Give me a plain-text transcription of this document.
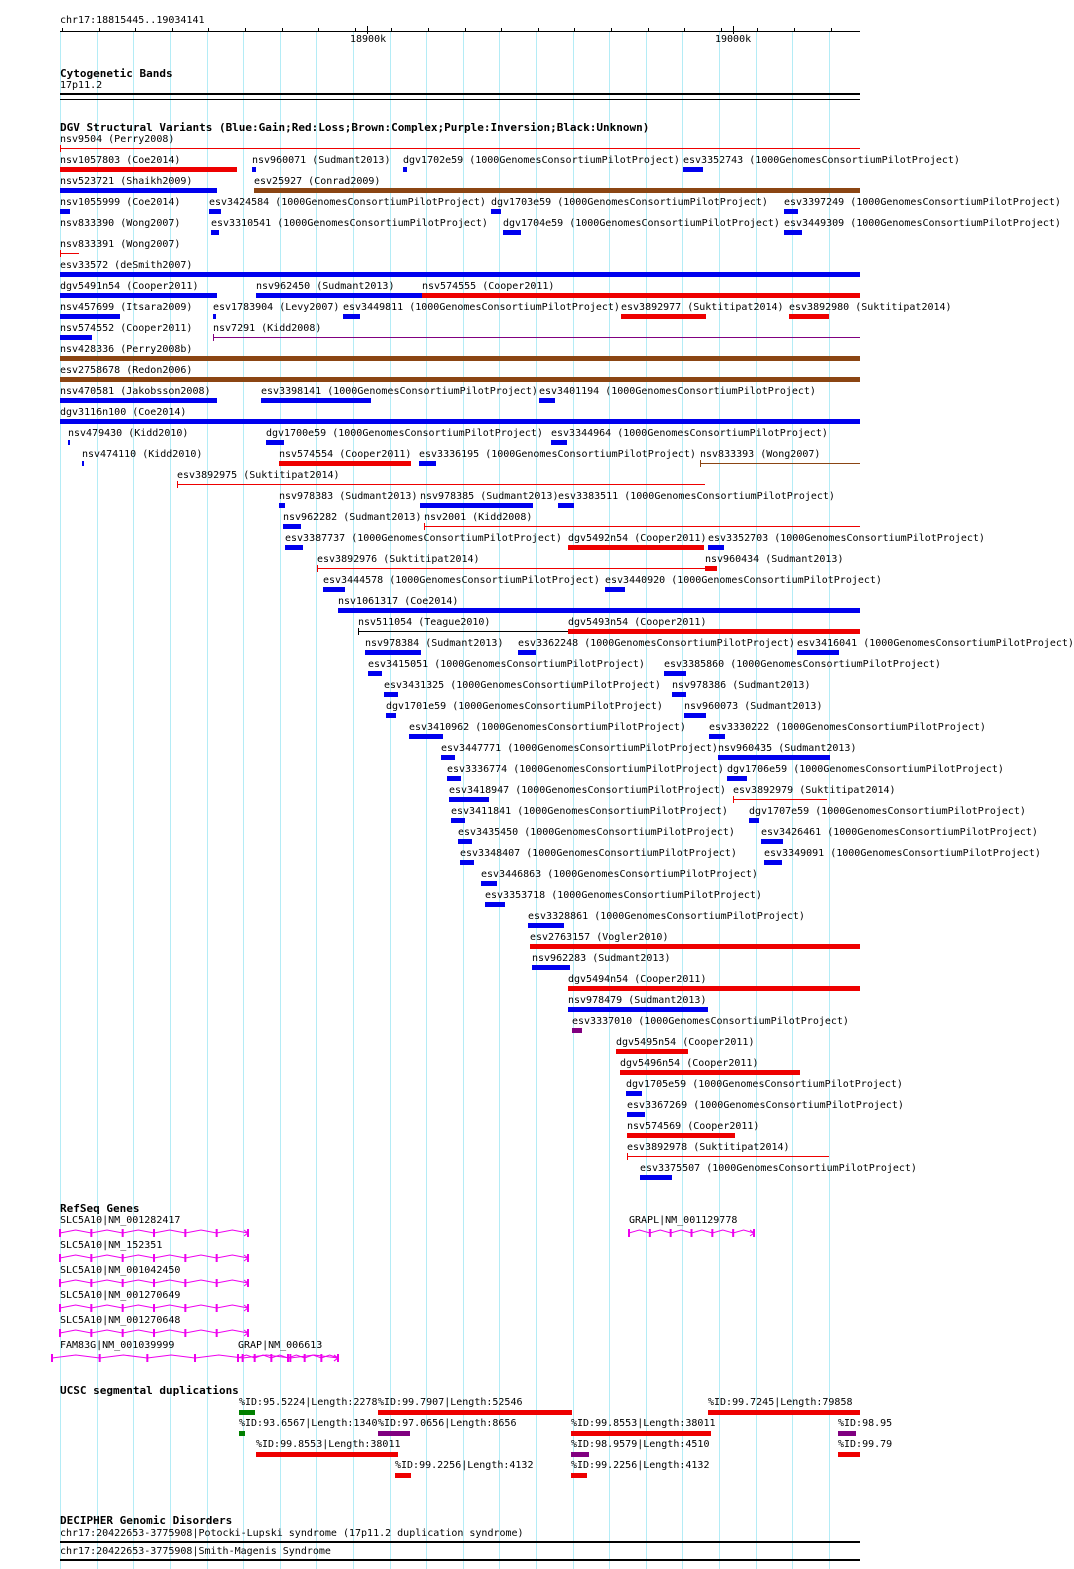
chr17:18815445..19034141
18900k	19000k
Cytogenetic Bands
17p11.2
DGV Structural Variants (Blue:Gain;Red:Loss;Brown:Complex;Purple:Inversion;Black:Unknown)
nsv9504 (Perry2008)
nsv1057803 (Coe2014)	nsv960071 (Sudmant2013) dgv1702e59 (1000GenomesConsortiumPilotProject) esv3352743 (1000GenomesConsortiumPilotProject)
nsv523721 (Shaikh2009)	esv25927 (Conrad2009)
nsv1055999 (Coe2014)	esv3424584 (1000GenomesConsortiumPilotProject) dgv1703e59 (1000GenomesConsortiumPilotProject) esv3397249 (1000GenomesConsortiumPilotProject)
nsv833390 (Wong2007)	esv3310541 (1000GenomesConsortiumPilotProject) dgv1704e59 (1000GenomesConsortiumPilotProject) esv3449309 (1000GenomesConsortiumPilotProject)
nsv833391 (Wong2007)
esv33572 (deSmith2007)
dgv5491n54 (Cooper2011)	nsv962450 (Sudmant2013)	nsv574555 (Cooper2011)
nsv457699 (Itsara2009) esv1783904 (Levy2007) esv3449811 (1000GenomesConsortiumPilotProject) esv3892977 (Suktitipat2014) esv3892980 (Suktitipat2014)
nsv574552 (Cooper2011) nsv7291 (Kidd2008)
nsv428336 (Perry2008b)
esv2758678 (Redon2006)
nsv470581 (Jakobsson2008)	esv3398141 (1000GenomesConsortiumPilotProject) esv3401194 (1000GenomesConsortiumPilotProject)
dgv3116n100 (Coe2014)
nsv479430 (Kidd2010)	dgv1700e59 (1000GenomesConsortiumPilotProject) esv3344964 (1000GenomesConsortiumPilotProject)
nsv474110 (Kidd2010)	nsv574554 (Cooper2011) esv3336195 (1000GenomesConsortiumPilotProject) nsv833393 (Wong2007)
esv3892975 (Suktitipat2014)
nsv978383 (Sudmant2013) nsv978385 (Sudmant2013) esv3383511 (1000GenomesConsortiumPilotProject)
nsv962282 (Sudmant2013) nsv2001 (Kidd2008)
esv3387737 (1000GenomesConsortiumPilotProject) dgv5492n54 (Cooper2011) esv3352703 (1000GenomesConsortiumPilotProject)
esv3892976 (Suktitipat2014)	nsv960434 (Sudmant2013)
esv3444578 (1000GenomesConsortiumPilotProject) esv3440920 (1000GenomesConsortiumPilotProject)
nsv1061317 (Coe2014)
nsv511054 (Teague2010)	dgv5493n54 (Cooper2011)
nsv978384 (Sudmant2013) esv3362248 (1000GenomesConsortiumPilotProject) esv3416041 (1000GenomesConsortiumPilotProject)
esv3415051 (1000GenomesConsortiumPilotProject) esv3385860 (1000GenomesConsortiumPilotProject)
esv3431325 (1000GenomesConsortiumPilotProject) nsv978386 (Sudmant2013)
dgv1701e59 (1000GenomesConsortiumPilotProject) nsv960073 (Sudmant2013)
esv3410962 (1000GenomesConsortiumPilotProject) esv3330222 (1000GenomesConsortiumPilotProject)
esv3447771 (1000GenomesConsortiumPilotProject) nsv960435 (Sudmant2013)
esv3336774 (1000GenomesConsortiumPilotProject) dgv1706e59 (1000GenomesConsortiumPilotProject)
esv3418947 (1000GenomesConsortiumPilotProject) esv3892979 (Suktitipat2014)
esv3411841 (1000GenomesConsortiumPilotProject) dgv1707e59 (1000GenomesConsortiumPilotProject)
esv3435450 (1000GenomesConsortiumPilotProject)	esv3426461 (1000GenomesConsortiumPilotProject)
esv3348407 (1000GenomesConsortiumPilotProject)	esv3349091 (1000GenomesConsortiumPilotProject)
esv3446863 (1000GenomesConsortiumPilotProject)
esv3353718 (1000GenomesConsortiumPilotProject)
esv3328861 (1000GenomesConsortiumPilotProject)
esv2763157 (Vogler2010)
nsv962283 (Sudmant2013)
dgv5494n54 (Cooper2011)
nsv978479 (Sudmant2013)
esv3337010 (1000GenomesConsortiumPilotProject)
dgv5495n54 (Cooper2011)
dgv5496n54 (Cooper2011)
dgv1705e59 (1000GenomesConsortiumPilotProject)
esv3367269 (1000GenomesConsortiumPilotProject)
nsv574569 (Cooper2011)
esv3892978 (Suktitipat2014)
esv3375507 (1000GenomesConsortiumPilotProject)
RefSeq Genes
SLC5A10|NM_001282417
SLC5A10|NM_152351
SLC5A10|NM_001042450
SLC5A10|NM_001270649
SLC5A10|NM_001270648
FAM83G|NM_001039999	GRAP|NM_006613
GRAPL|NM_001129778
UCSC segmental duplications
%ID:95.5224|Length:2278 %ID:99.7907|Length:52546	%ID:99.7245|Length:79858
%ID:93.6567|Length:1340 %ID:97.0656|Length:8656	%ID:99.8553|Length:38011	%ID:98.95
%ID:99.8553|Length:38011	%ID:98.9579|Length:4510	%ID:99.79
%ID:99.2256|Length:4132	%ID:99.2256|Length:4132
DECIPHER Genomic Disorders
chr17:20422653-3775908|Potocki-Lupski syndrome (17p11.2 duplication syndrome)
chr17:20422653-3775908|Smith-Magenis Syndrome
